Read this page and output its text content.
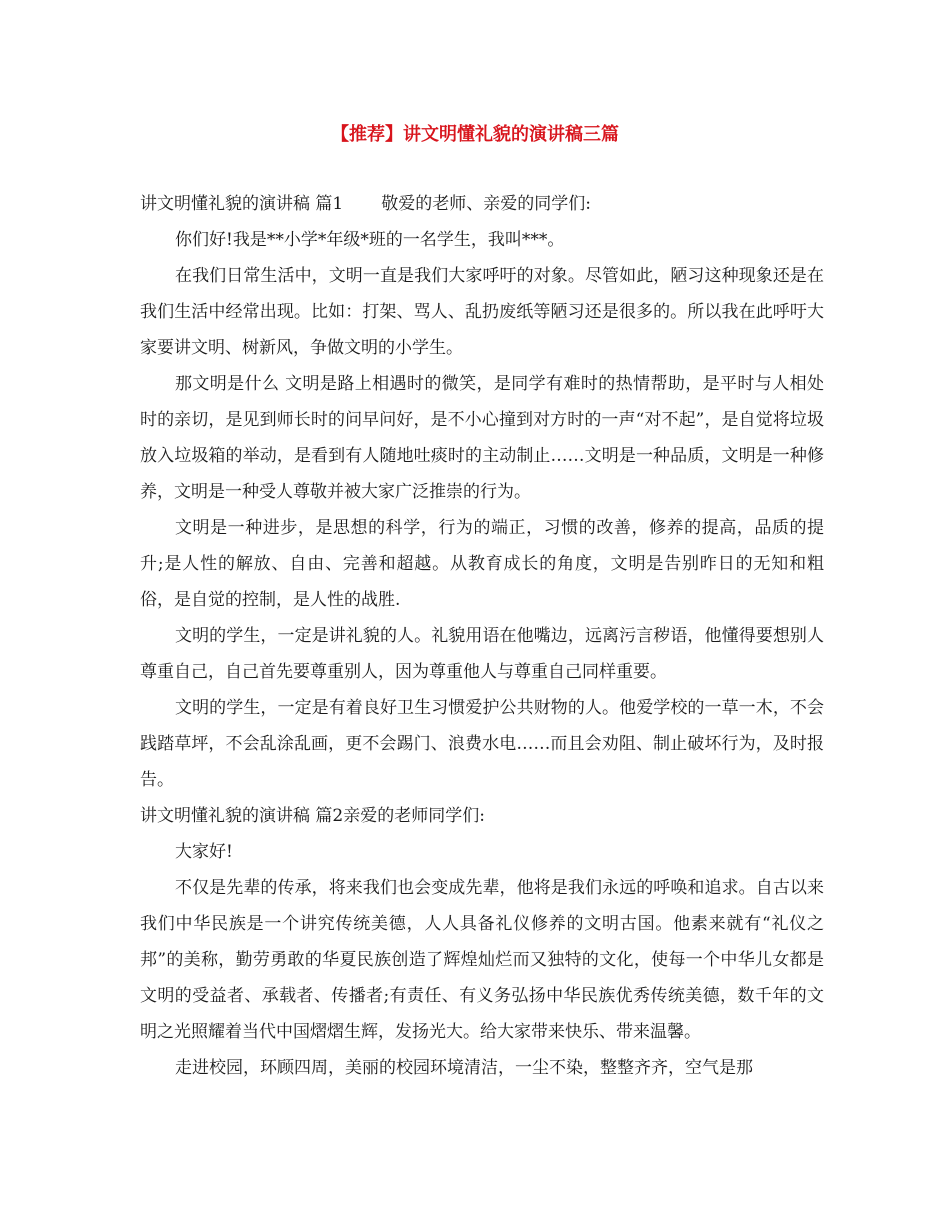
【推荐】讲文明懂礼貌的演讲稿三篇

讲文明懂礼貌的演讲稿 篇1 敬爱的老师、亲爱的同学们:

你们好!我是**小学*年级*班的一名学生，我叫***。

在我们日常生活中，文明一直是我们大家呼吁的对象。尽管如此，陋习这种现象还是在我们生活中经常出现。比如：打架、骂人、乱扔废纸等陋习还是很多的。所以我在此呼吁大家要讲文明、树新风，争做文明的小学生。

那文明是什么 文明是路上相遇时的微笑，是同学有难时的热情帮助，是平时与人相处时的亲切，是见到师长时的问早问好，是不小心撞到对方时的一声“对不起”，是自觉将垃圾放入垃圾箱的举动，是看到有人随地吐痰时的主动制止……文明是一种品质，文明是一种修养，文明是一种受人尊敬并被大家广泛推崇的行为。

文明是一种进步，是思想的科学，行为的端正，习惯的改善，修养的提高，品质的提升;是人性的解放、自由、完善和超越。从教育成长的角度，文明是告别昨日的无知和粗俗，是自觉的控制，是人性的战胜.

文明的学生，一定是讲礼貌的人。礼貌用语在他嘴边，远离污言秽语，他懂得要想别人尊重自己，自己首先要尊重别人，因为尊重他人与尊重自己同样重要。

文明的学生，一定是有着良好卫生习惯爱护公共财物的人。他爱学校的一草一木，不会践踏草坪，不会乱涂乱画，更不会踢门、浪费水电……而且会劝阻、制止破坏行为，及时报告。

讲文明懂礼貌的演讲稿 篇2亲爱的老师同学们:

大家好!

不仅是先辈的传承，将来我们也会变成先辈，他将是我们永远的呼唤和追求。自古以来我们中华民族是一个讲究传统美德，人人具备礼仪修养的文明古国。他素来就有“礼仪之邦”的美称，勤劳勇敢的华夏民族创造了辉煌灿烂而又独特的文化，使每一个中华儿女都是文明的受益者、承载者、传播者;有责任、有义务弘扬中华民族优秀传统美德，数千年的文明之光照耀着当代中国熠熠生辉，发扬光大。给大家带来快乐、带来温馨。

走进校园，环顾四周，美丽的校园环境清洁，一尘不染，整整齐齐，空气是那
